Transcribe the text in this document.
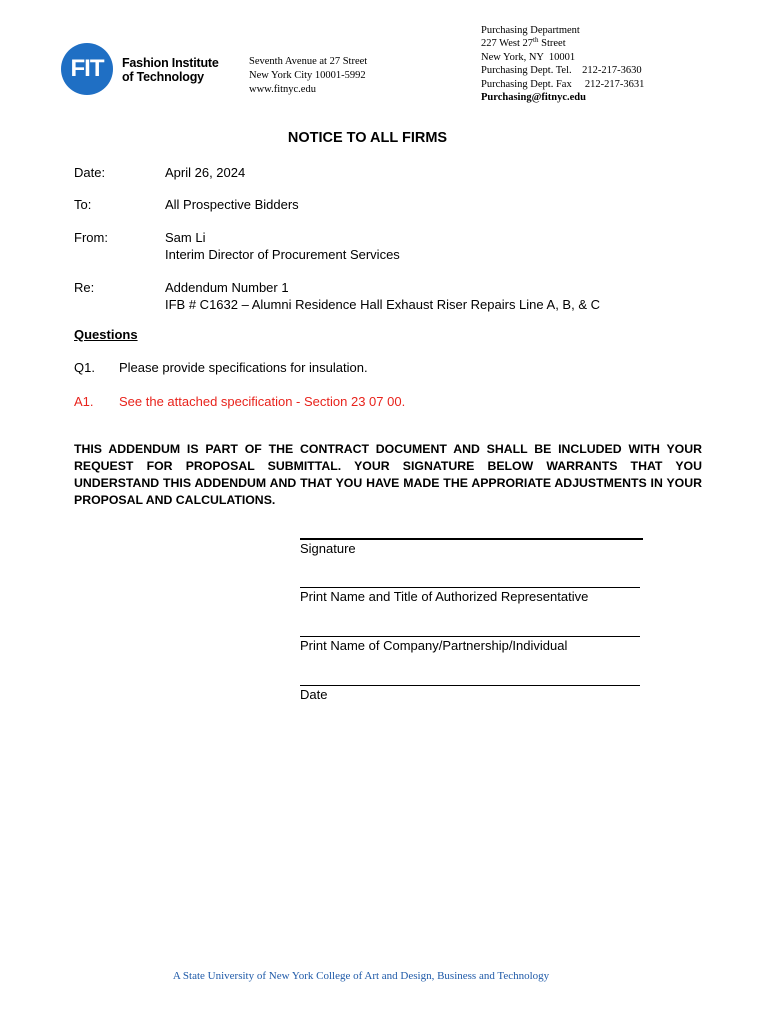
FIT	Fashion Institute
of Technology
Seventh Avenue at 27 Street
New York City 10001-5992
www.fitnyc.edu
Purchasing Department
227 West 27th Street
New York, NY  10001
Purchasing Dept. Tel.    212-217-3630
Purchasing Dept. Fax     212-217-3631
Purchasing@fitnyc.edu
NOTICE TO ALL FIRMS
Date:	April 26, 2024
To:	All Prospective Bidders
From:	Sam Li
Interim Director of Procurement Services
Re:	Addendum Number 1
IFB # C1632 – Alumni Residence Hall Exhaust Riser Repairs Line A, B, & C
Questions
Q1. Please provide specifications for insulation.
A1. See the attached specification - Section 23 07 00.
THIS ADDENDUM IS PART OF THE CONTRACT DOCUMENT AND SHALL BE INCLUDED WITH YOUR REQUEST FOR PROPOSAL SUBMITTAL. YOUR SIGNATURE BELOW WARRANTS THAT YOU UNDERSTAND THIS ADDENDUM AND THAT YOU HAVE MADE THE APPRORIATE ADJUSTMENTS IN YOUR PROPOSAL AND CALCULATIONS.
Signature
Print Name and Title of Authorized Representative
Print Name of Company/Partnership/Individual
Date
A State University of New York College of Art and Design, Business and Technology
